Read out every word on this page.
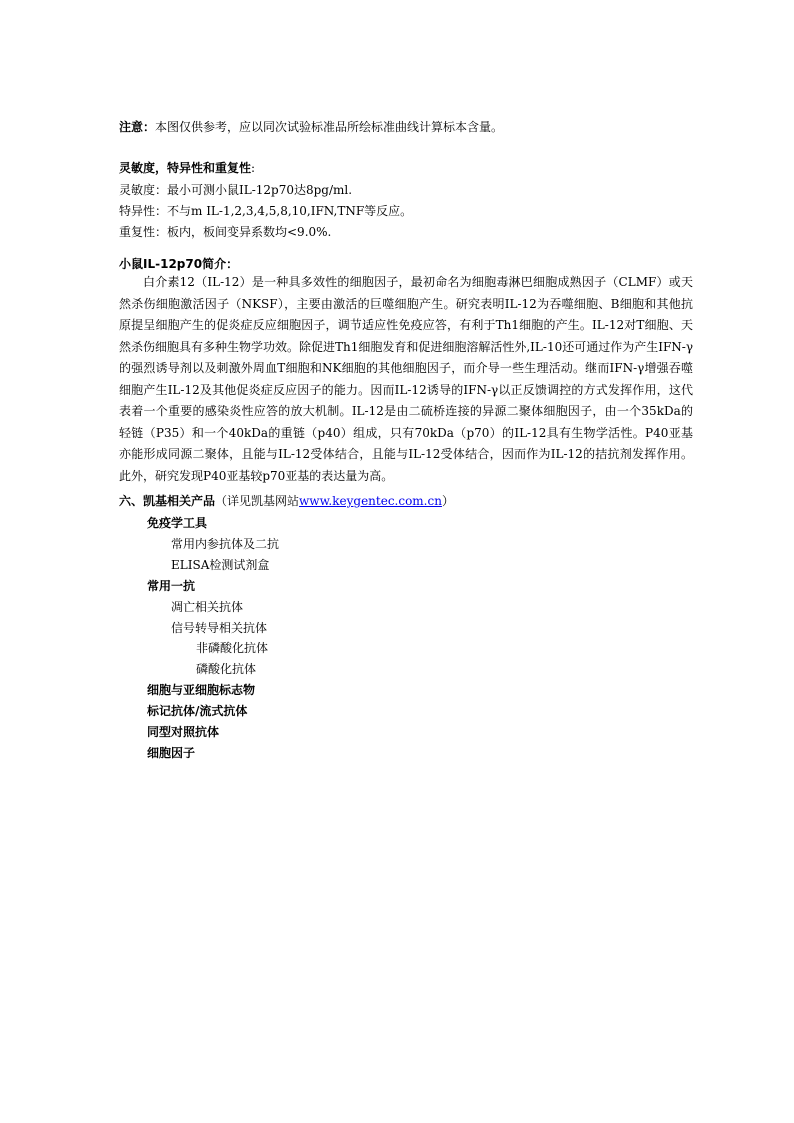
注意：本图仅供参考，应以同次试验标准品所绘标准曲线计算标本含量。
灵敏度，特异性和重复性:
灵敏度：最小可测小鼠IL-12p70达8pg/ml.
特异性：不与m IL-1,2,3,4,5,8,10,IFN,TNF等反应。
重复性：板内，板间变异系数均<9.0%.
小鼠IL-12p70简介：

白介素12（IL-12）是一种具多效性的细胞因子，最初命名为细胞毒淋巴细胞成熟因子（CLMF）或天然杀伤细胞激活因子（NKSF），主要由激活的巨噬细胞产生。研究表明IL-12为吞噬细胞、B细胞和其他抗原提呈细胞产生的促炎症反应细胞因子，调节适应性免疫应答，有利于Th1细胞的产生。IL-12对T细胞、天然杀伤细胞具有多种生物学功效。除促进Th1细胞发育和促进细胞溶解活性外,IL-10还可通过作为产生IFN-γ的强烈诱导剂以及刺激外周血T细胞和NK细胞的其他细胞因子，而介导一些生理活动。继而IFN-γ增强吞噬细胞产生IL-12及其他促炎症反应因子的能力。因而IL-12诱导的IFN-γ以正反馈调控的方式发挥作用，这代表着一个重要的感染炎性应答的放大机制。IL-12是由二硫桥连接的异源二聚体细胞因子，由一个35kDa的轻链（P35）和一个40kDa的重链（p40）组成，只有70kDa（p70）的IL-12具有生物学活性。P40亚基亦能形成同源二聚体，且能与IL-12受体结合，且能与IL-12受体结合，因而作为IL-12的拮抗剂发挥作用。此外，研究发现P40亚基较p70亚基的表达量为高。

六、凯基相关产品（详见凯基网站www.keygentec.com.cn）
免疫学工具
常用内参抗体及二抗
ELISA检测试剂盒
常用一抗
凋亡相关抗体
信号转导相关抗体
非磷酸化抗体
磷酸化抗体
细胞与亚细胞标志物
标记抗体/流式抗体
同型对照抗体
细胞因子
